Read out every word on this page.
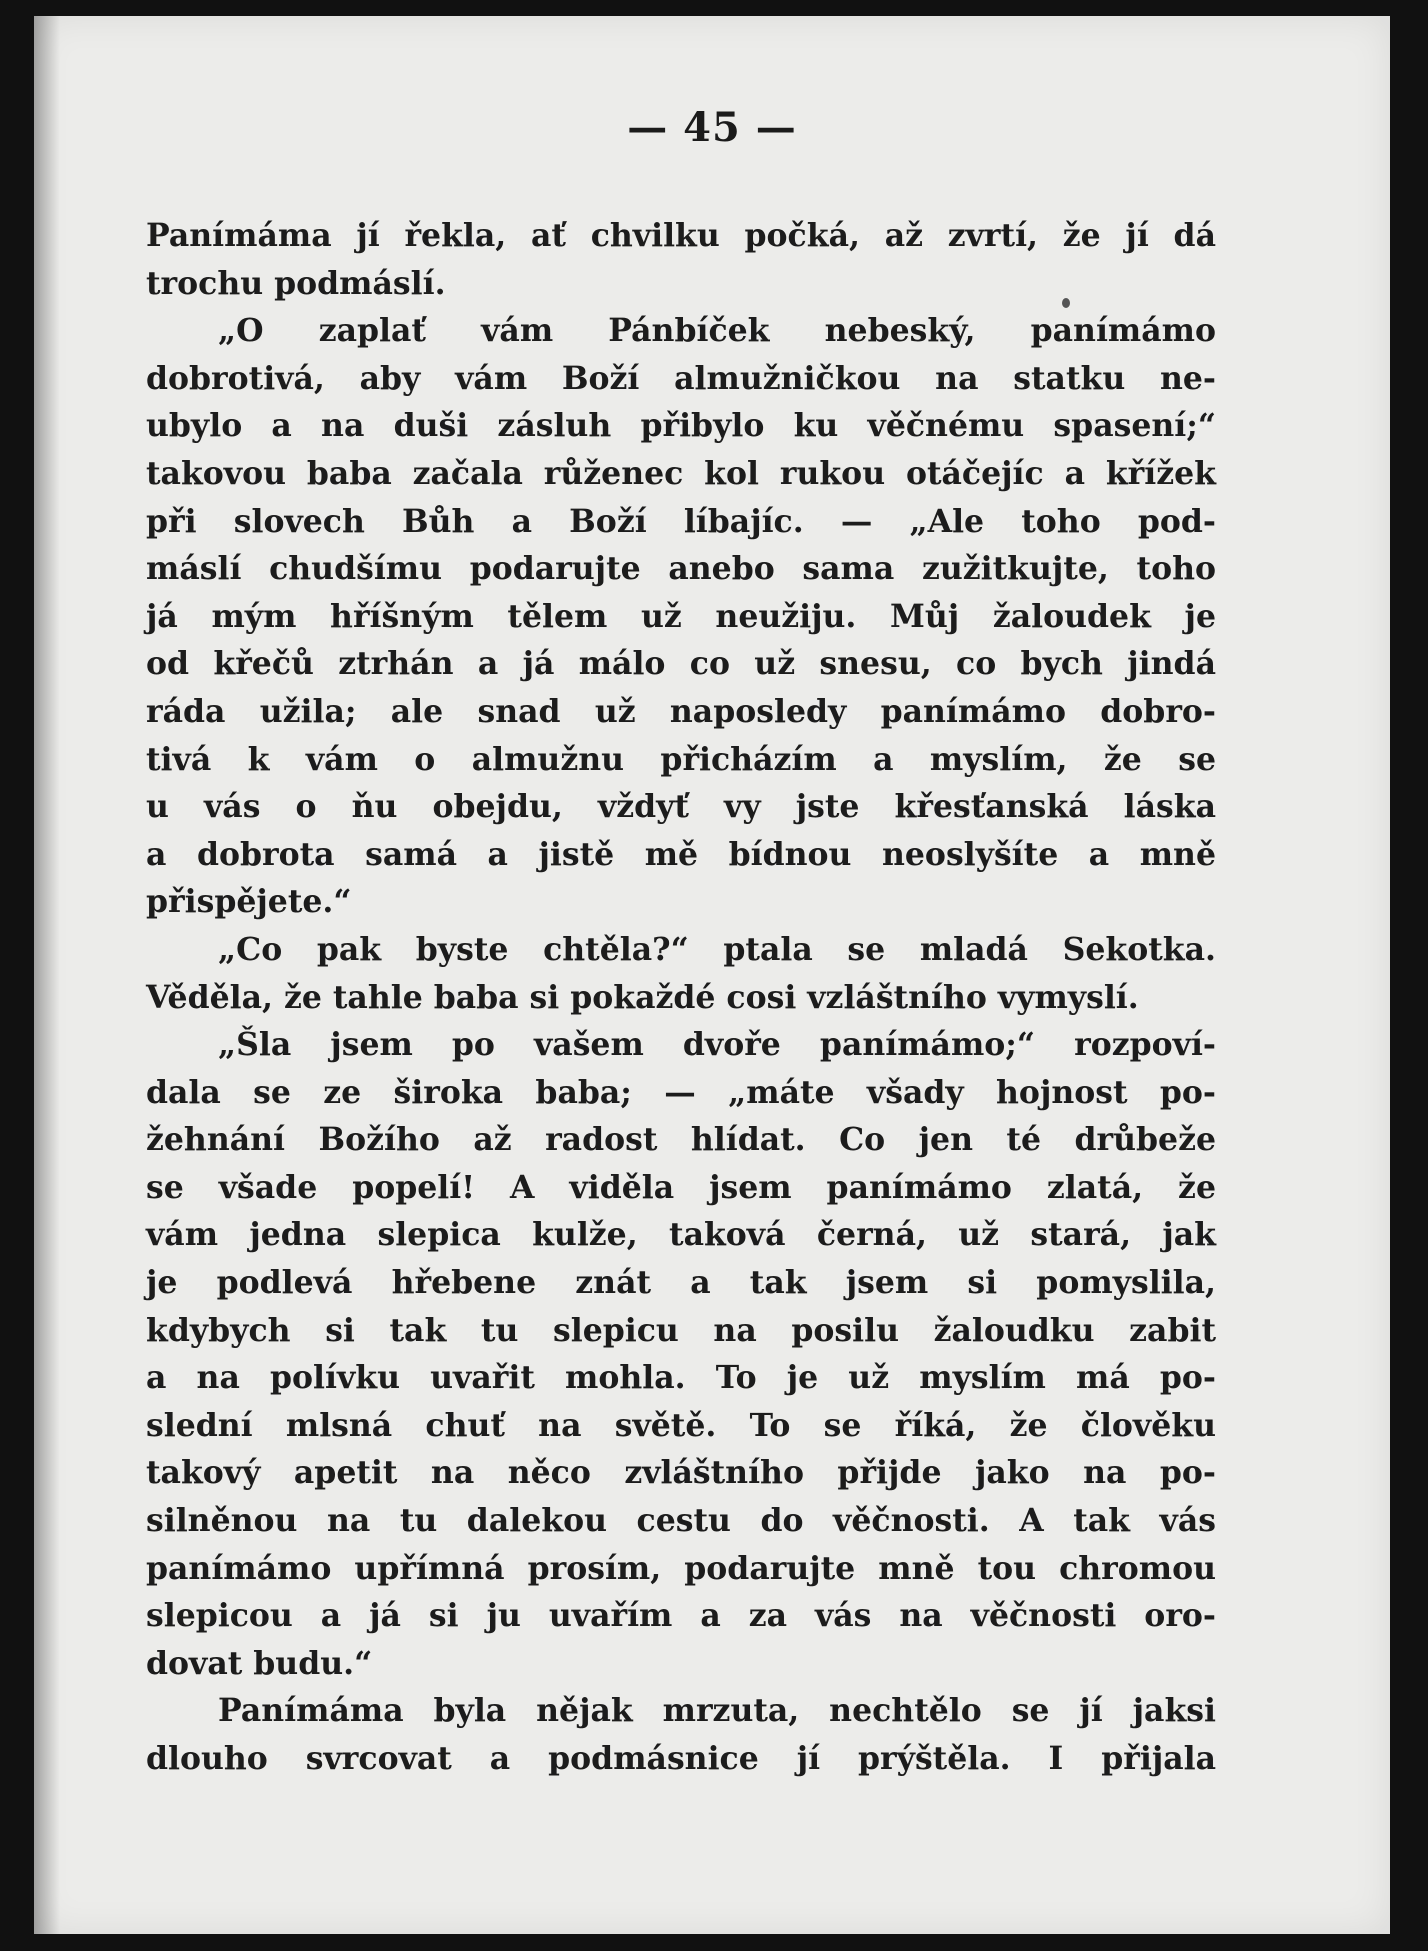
— 45 —
Panímáma jí řekla, ať chvilku počká, až zvrtí, že jí dá
trochu podmáslí.
„O zaplať vám Pánbíček nebeský, panímámo
dobrotivá, aby vám Boží almužničkou na statku ne-
ubylo a na duši zásluh přibylo ku věčnému spasení;“
takovou baba začala růženec kol rukou otáčejíc a křížek
při slovech Bůh a Boží líbajíc. — „Ale toho pod-
máslí chudšímu podarujte anebo sama zužitkujte, toho
já mým hříšným tělem už neužiju. Můj žaloudek je
od křečů ztrhán a já málo co už snesu, co bych jindá
ráda užila; ale snad už naposledy panímámo dobro-
tivá k vám o almužnu přicházím a myslím, že se
u vás o ňu obejdu, vždyť vy jste křesťanská láska
a dobrota samá a jistě mě bídnou neoslyšíte a mně
přispějete.“
„Co pak byste chtěla?“ ptala se mladá Sekotka.
Věděla, že tahle baba si pokaždé cosi vzláštního vymyslí.
„Šla jsem po vašem dvoře panímámo;“ rozpoví-
dala se ze široka baba; — „máte všady hojnost po-
žehnání Božího až radost hlídat. Co jen té drůbeže
se všade popelí! A viděla jsem panímámo zlatá, že
vám jedna slepica kulže, taková černá, už stará, jak
je podlevá hřebene znát a tak jsem si pomyslila,
kdybych si tak tu slepicu na posilu žaloudku zabit
a na polívku uvařit mohla. To je už myslím má po-
slední mlsná chuť na světě. To se říká, že člověku
takový apetit na něco zvláštního přijde jako na po-
silněnou na tu dalekou cestu do věčnosti. A tak vás
panímámo upřímná prosím, podarujte mně tou chromou
slepicou a já si ju uvařím a za vás na věčnosti oro-
dovat budu.“
Panímáma byla nějak mrzuta, nechtělo se jí jaksi
dlouho svrcovat a podmásnice jí prýštěla. I přijala
